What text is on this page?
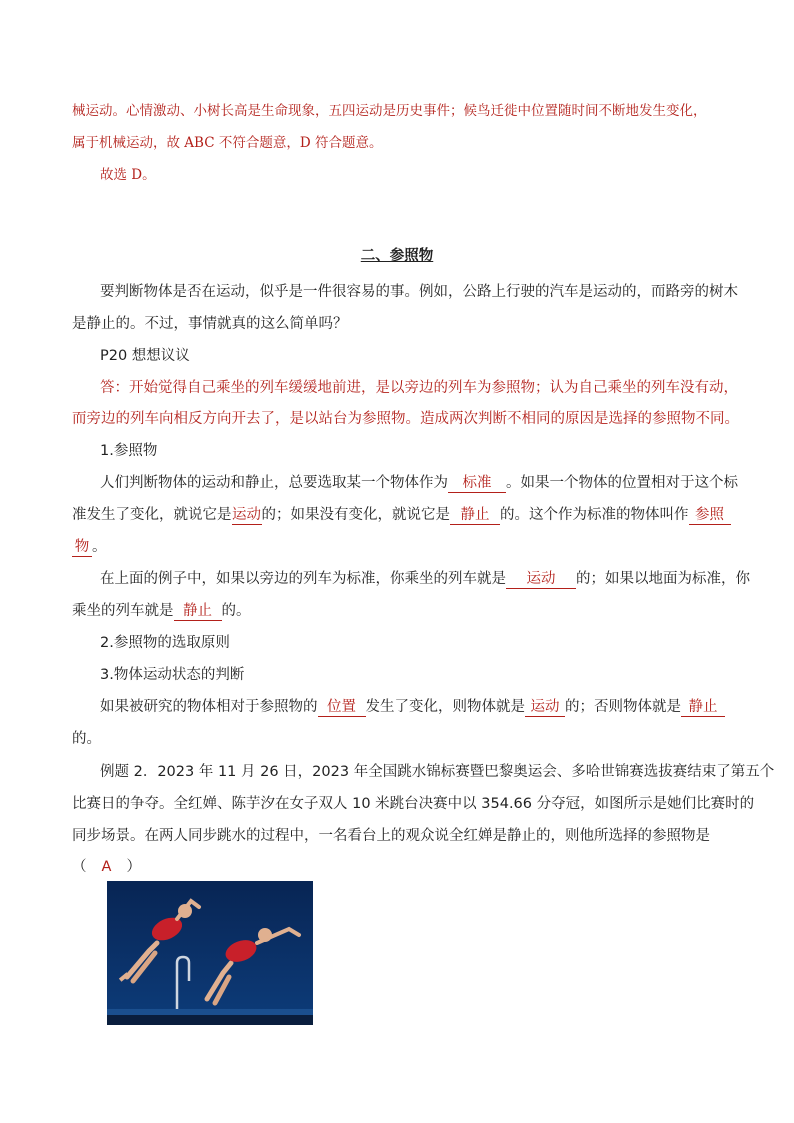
械运动。心情激动、小树长高是生命现象，五四运动是历史事件；候鸟迁徙中位置随时间不断地发生变化，
属于机械运动，故 ABC 不符合题意，D 符合题意。
故选 D。
二、参照物
要判断物体是否在运动，似乎是一件很容易的事。例如，公路上行驶的汽车是运动的，而路旁的树木
是静止的。不过，事情就真的这么简单吗？
P20 想想议议
答：开始觉得自己乘坐的列车缓缓地前进，是以旁边的列车为参照物；认为自己乘坐的列车没有动，
而旁边的列车向相反方向开去了，是以站台为参照物。造成两次判断不相同的原因是选择的参照物不同。
1.参照物
人们判断物体的运动和静止，总要选取某一个物体作为 标准 。如果一个物体的位置相对于这个标
准发生了变化，就说它是运动的；如果没有变化，就说它是 静止 的。这个作为标准的物体叫作 参照
物 。
在上面的例子中，如果以旁边的列车为标准，你乘坐的列车就是 运动 的；如果以地面为标准，你
乘坐的列车就是 静止 的。
2.参照物的选取原则
3.物体运动状态的判断
如果被研究的物体相对于参照物的 位置 发生了变化，则物体就是 运动 的；否则物体就是 静止
的。
例题 2．2023 年 11 月 26 日，2023 年全国跳水锦标赛暨巴黎奥运会、多哈世锦赛选拔赛结束了第五个
比赛日的争夺。全红婵、陈芋汐在女子双人 10 米跳台决赛中以 354.66 分夺冠，如图所示是她们比赛时的
同步场景。在两人同步跳水的过程中，一名看台上的观众说全红婵是静止的，则他所选择的参照物是
（ A ）
